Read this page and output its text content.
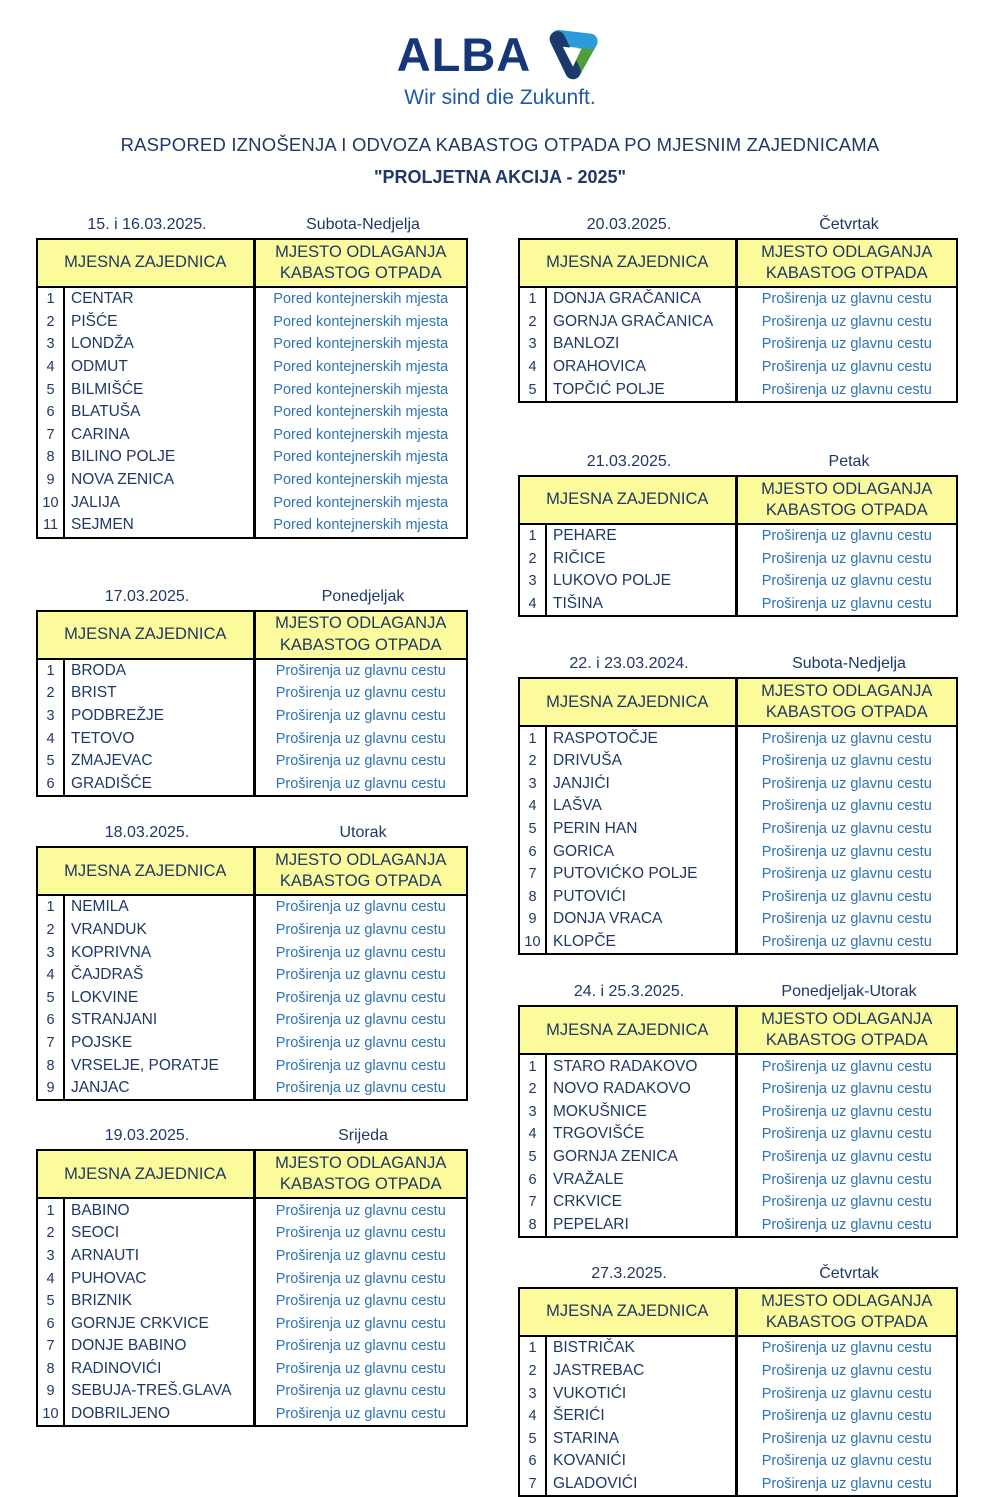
ALBA
Wir sind die Zukunft.
RASPORED IZNOŠENJA I ODVOZA KABASTOG OTPADA PO MJESNIM ZAJEDNICAMA
"PROLJETNA AKCIJA - 2025"
15. i 16.03.2025.	Subota-Nedjelja
MJESNA ZAJEDNICA		MJESTO ODLAGANJA
KABASTOG OTPADA

1	CENTAR	Pored kontejnerskih mjesta
2	PIŠĆE	Pored kontejnerskih mjesta
3	LONDŽA	Pored kontejnerskih mjesta
4	ODMUT	Pored kontejnerskih mjesta
5	BILMIŠĆE	Pored kontejnerskih mjesta
6	BLATUŠA	Pored kontejnerskih mjesta
7	CARINA	Pored kontejnerskih mjesta
8	BILINO POLJE	Pored kontejnerskih mjesta
9	NOVA ZENICA	Pored kontejnerskih mjesta
10	JALIJA	Pored kontejnerskih mjesta
11	SEJMEN	Pored kontejnerskih mjesta
17.03.2025.	Ponedjeljak
MJESNA ZAJEDNICA		MJESTO ODLAGANJA
KABASTOG OTPADA

1	BRODA	Proširenja uz glavnu cestu
2	BRIST	Proširenja uz glavnu cestu
3	PODBREŽJE	Proširenja uz glavnu cestu
4	TETOVO	Proširenja uz glavnu cestu
5	ZMAJEVAC	Proširenja uz glavnu cestu
6	GRADIŠĆE	Proširenja uz glavnu cestu
18.03.2025.	Utorak
MJESNA ZAJEDNICA		MJESTO ODLAGANJA
KABASTOG OTPADA

1	NEMILA	Proširenja uz glavnu cestu
2	VRANDUK	Proširenja uz glavnu cestu
3	KOPRIVNA	Proširenja uz glavnu cestu
4	ČAJDRAŠ	Proširenja uz glavnu cestu
5	LOKVINE	Proširenja uz glavnu cestu
6	STRANJANI	Proširenja uz glavnu cestu
7	POJSKE	Proširenja uz glavnu cestu
8	VRSELJE, PORATJE	Proširenja uz glavnu cestu
9	JANJAC	Proširenja uz glavnu cestu
19.03.2025.	Srijeda
MJESNA ZAJEDNICA		MJESTO ODLAGANJA
KABASTOG OTPADA

1	BABINO	Proširenja uz glavnu cestu
2	SEOCI	Proširenja uz glavnu cestu
3	ARNAUTI	Proširenja uz glavnu cestu
4	PUHOVAC	Proširenja uz glavnu cestu
5	BRIZNIK	Proširenja uz glavnu cestu
6	GORNJE CRKVICE	Proširenja uz glavnu cestu
7	DONJE BABINO	Proširenja uz glavnu cestu
8	RADINOVIĆI	Proširenja uz glavnu cestu
9	SEBUJA-TREŠ.GLAVA	Proširenja uz glavnu cestu
10	DOBRILJENO	Proširenja uz glavnu cestu
20.03.2025.	Četvrtak
MJESNA ZAJEDNICA		MJESTO ODLAGANJA
KABASTOG OTPADA

1	DONJA GRAČANICA	Proširenja uz glavnu cestu
2	GORNJA GRAČANICA	Proširenja uz glavnu cestu
3	BANLOZI	Proširenja uz glavnu cestu
4	ORAHOVICA	Proširenja uz glavnu cestu
5	TOPČIĆ POLJE	Proširenja uz glavnu cestu
21.03.2025.	Petak
MJESNA ZAJEDNICA		MJESTO ODLAGANJA
KABASTOG OTPADA

1	PEHARE	Proširenja uz glavnu cestu
2	RIČICE	Proširenja uz glavnu cestu
3	LUKOVO POLJE	Proširenja uz glavnu cestu
4	TIŠINA	Proširenja uz glavnu cestu
22. i 23.03.2024.	Subota-Nedjelja
MJESNA ZAJEDNICA		MJESTO ODLAGANJA
KABASTOG OTPADA

1	RASPOTOČJE	Proširenja uz glavnu cestu
2	DRIVUŠA	Proširenja uz glavnu cestu
3	JANJIĆI	Proširenja uz glavnu cestu
4	LAŠVA	Proširenja uz glavnu cestu
5	PERIN HAN	Proširenja uz glavnu cestu
6	GORICA	Proširenja uz glavnu cestu
7	PUTOVIĆKO POLJE	Proširenja uz glavnu cestu
8	PUTOVIĆI	Proširenja uz glavnu cestu
9	DONJA VRACA	Proširenja uz glavnu cestu
10	KLOPČE	Proširenja uz glavnu cestu
24. i 25.3.2025.	Ponedjeljak-Utorak
MJESNA ZAJEDNICA		MJESTO ODLAGANJA
KABASTOG OTPADA

1	STARO RADAKOVO	Proširenja uz glavnu cestu
2	NOVO RADAKOVO	Proširenja uz glavnu cestu
3	MOKUŠNICE	Proširenja uz glavnu cestu
4	TRGOVIŠĆE	Proširenja uz glavnu cestu
5	GORNJA ZENICA	Proširenja uz glavnu cestu
6	VRAŽALE	Proširenja uz glavnu cestu
7	CRKVICE	Proširenja uz glavnu cestu
8	PEPELARI	Proširenja uz glavnu cestu
27.3.2025.	Četvrtak
MJESNA ZAJEDNICA		MJESTO ODLAGANJA
KABASTOG OTPADA

1	BISTRIČAK	Proširenja uz glavnu cestu
2	JASTREBAC	Proširenja uz glavnu cestu
3	VUKOTIĆI	Proširenja uz glavnu cestu
4	ŠERIĆI	Proširenja uz glavnu cestu
5	STARINA	Proširenja uz glavnu cestu
6	KOVANIĆI	Proširenja uz glavnu cestu
7	GLADOVIĆI	Proširenja uz glavnu cestu
